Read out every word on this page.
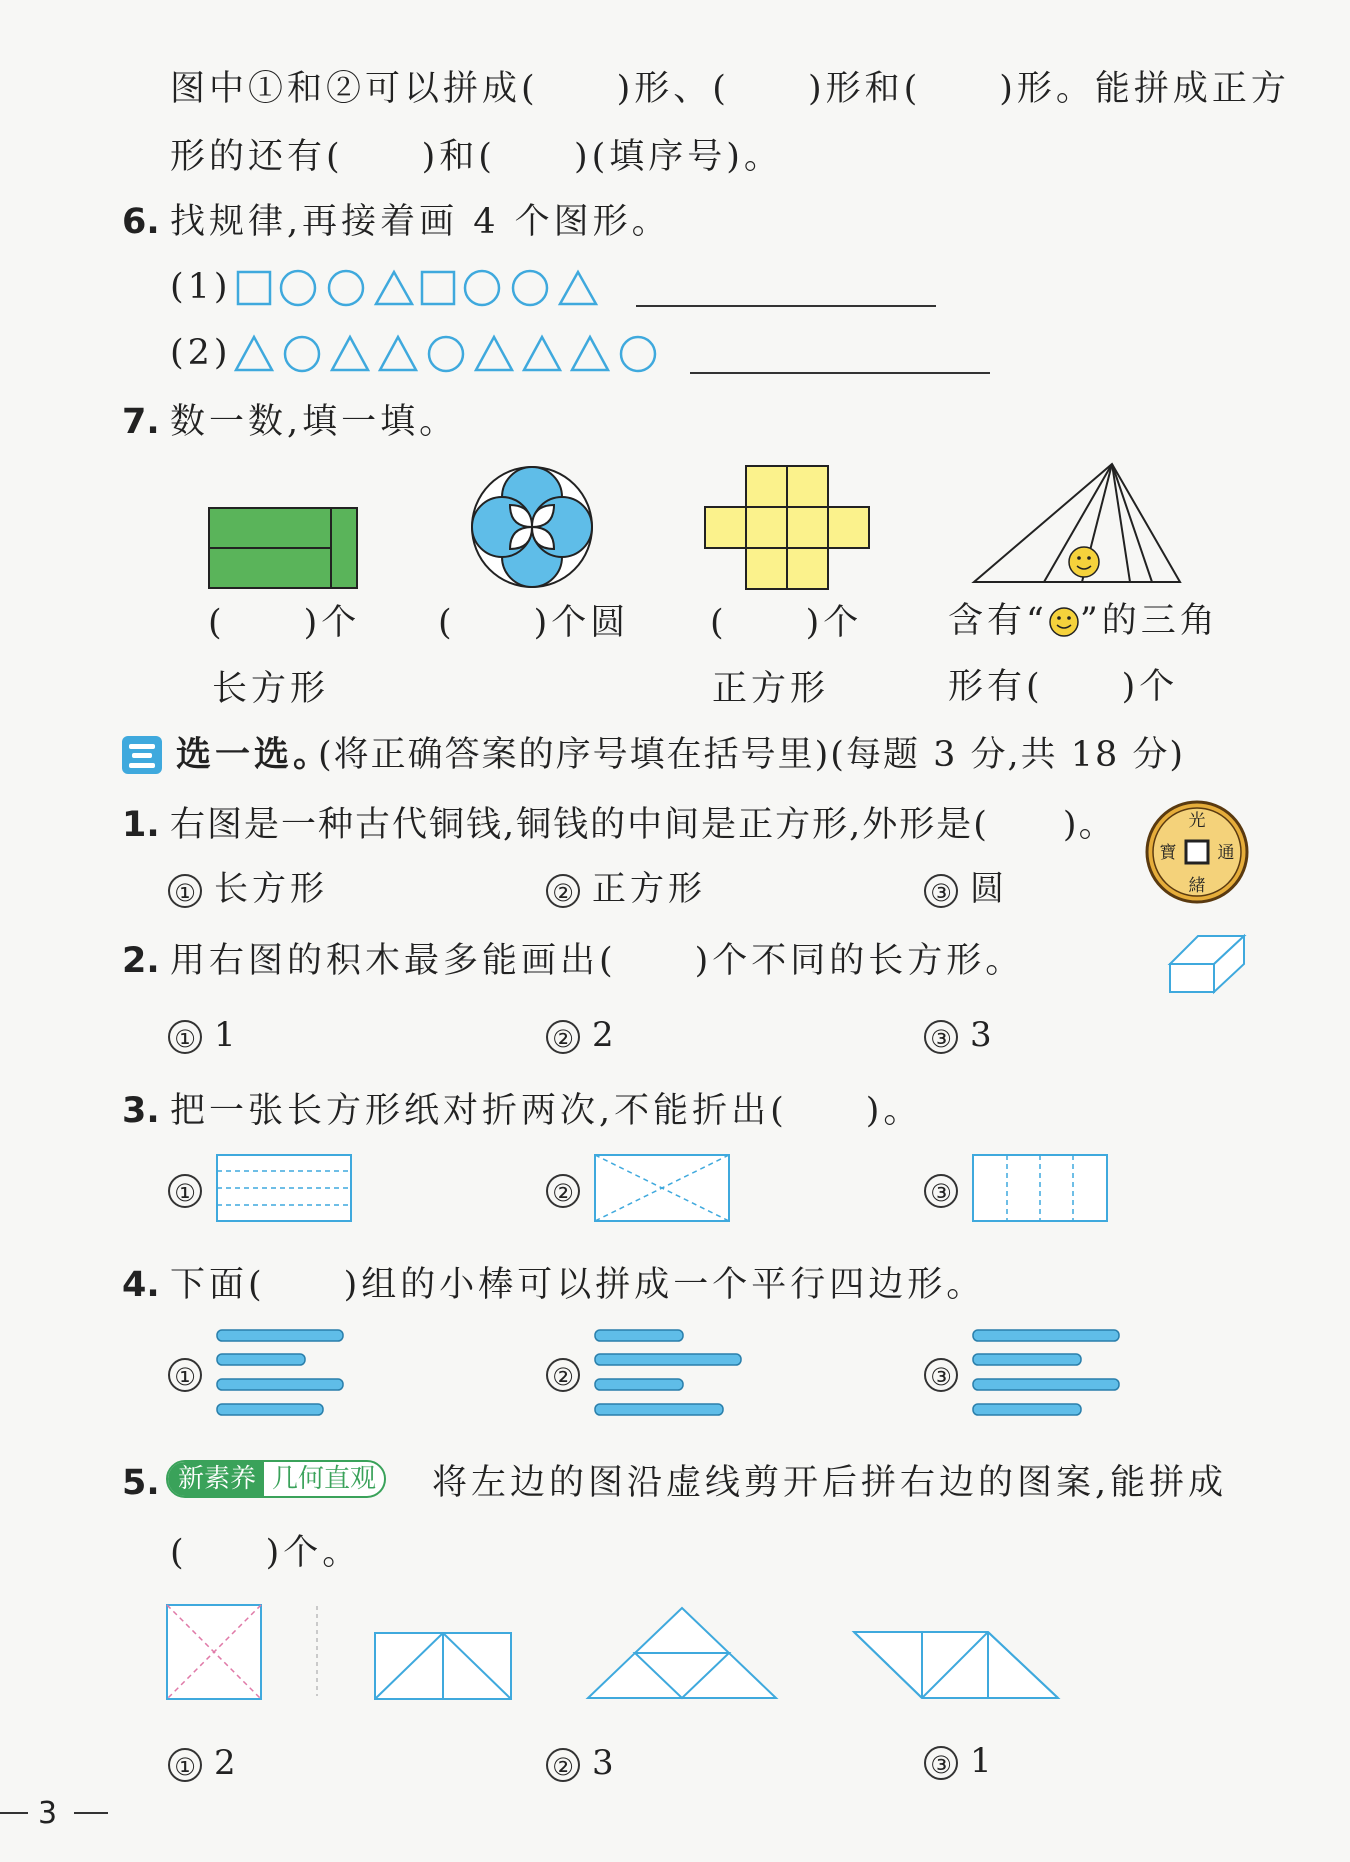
图中①和②可以拼成(　　)形、(　　)形和(　　)形。能拼成正方
形的还有(　　)和(　　)(填序号)。
6. 找规律,再接着画 4 个图形。
(1)
(2)
7. 数一数,填一填。
(　　)个
长方形
(　　)个圆 (　　)个
正方形
含有“ ”的三角
形有(　　)个
选一选。
(将正确答案的序号填在括号里)(每题 3 分,共 18 分)
1. 右图是一种古代铜钱,铜钱的中间是正方形,外形是(　　)。	光
寶 通
緒
① 长方形	② 正方形	③ 圆
2. 用右图的积木最多能画出(　　)个不同的长方形。
① 1	② 2	③ 3
3. 把一张长方形纸对折两次,不能折出(　　)。
①	②	③
4. 下面(　　)组的小棒可以拼成一个平行四边形。
①	②	③
5. 新素养 几何直观 将左边的图沿虚线剪开后拼右边的图案,能拼成
(　　)个。
① 2	② 3	③ 1
3
